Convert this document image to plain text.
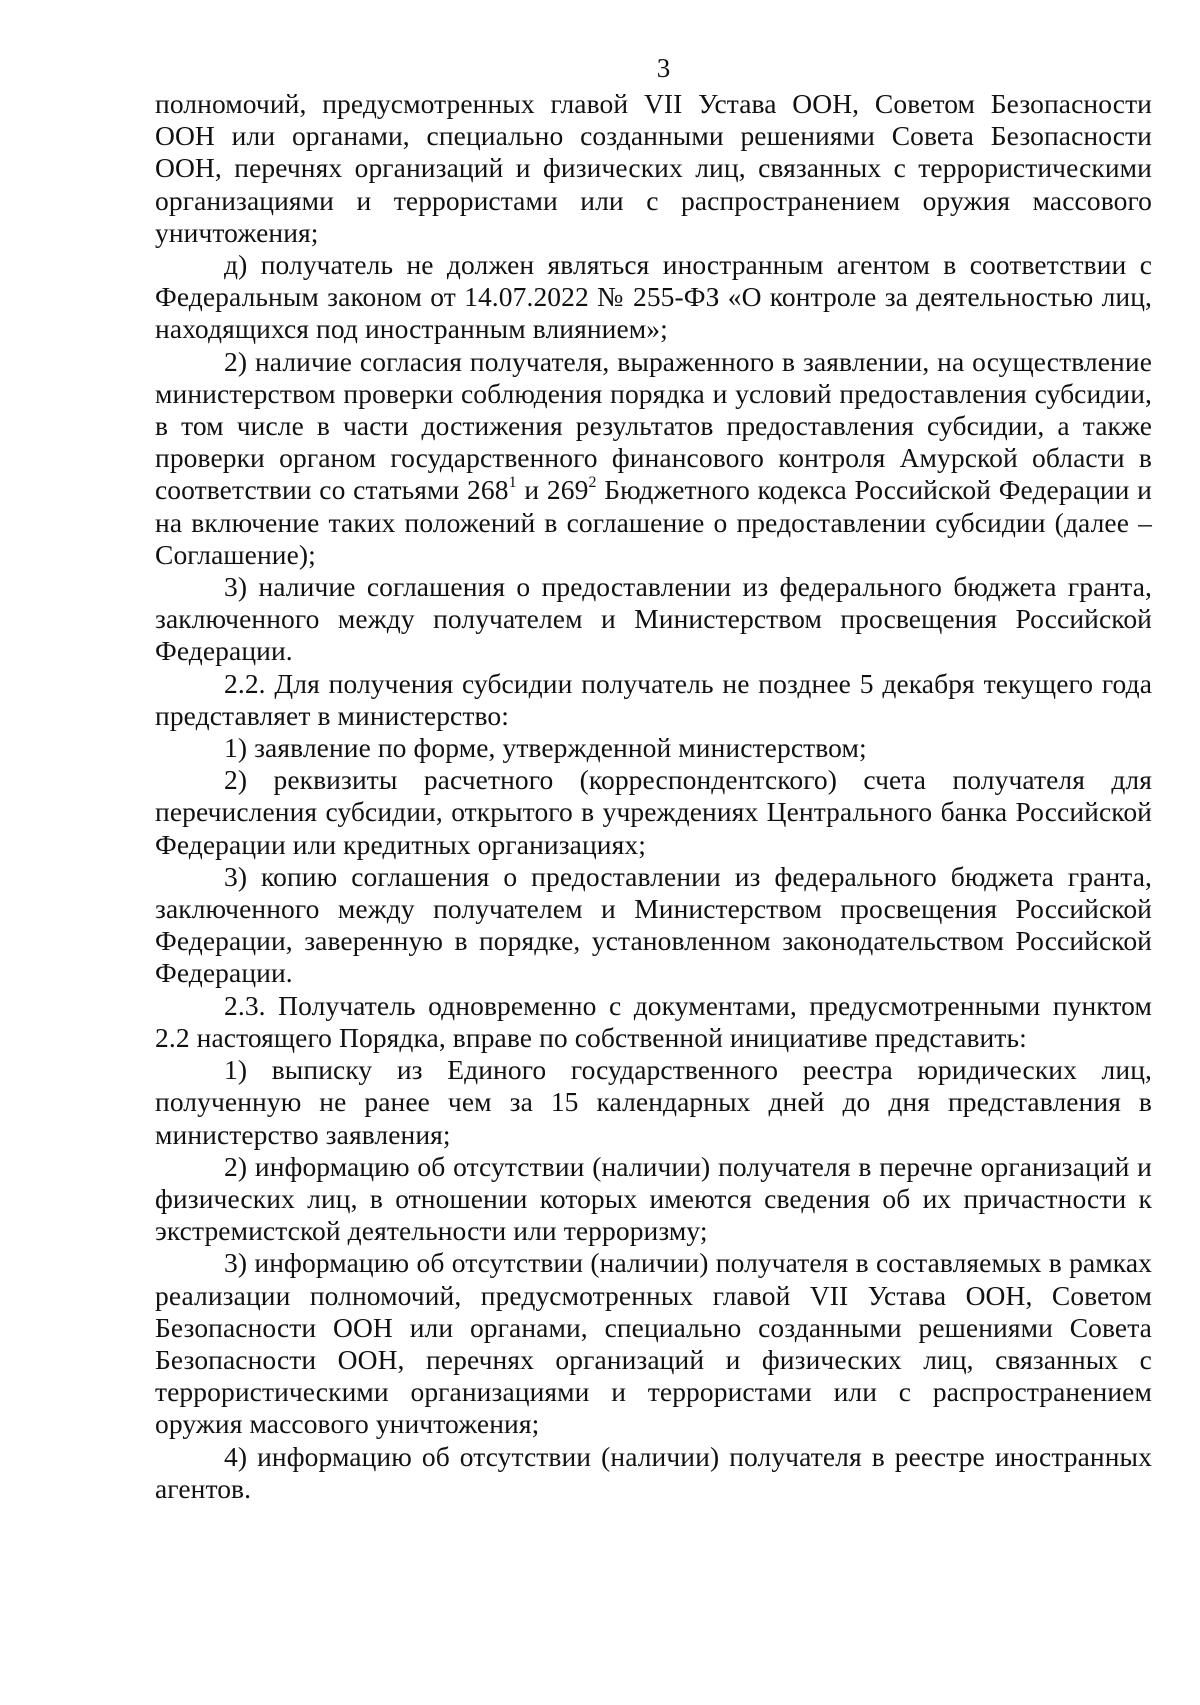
3

полномочий, предусмотренных главой VII Устава ООН, Советом Безопасности ООН или органами, специально созданными решениями Совета Безопасности ООН, перечнях организаций и физических лиц, связанных с террористическими организациями и террористами или с распространением оружия массового уничтожения;

д) получатель не должен являться иностранным агентом в соответствии с Федеральным законом от 14.07.2022 № 255-ФЗ «О контроле за деятельностью лиц, находящихся под иностранным влиянием»;

2) наличие согласия получателя, выраженного в заявлении, на осуществление министерством проверки соблюдения порядка и условий предоставления субсидии, в том числе в части достижения результатов предоставления субсидии, а также проверки органом государственного финансового контроля Амурской области в соответствии со статьями $268^1$ и $269^2$ Бюджетного кодекса Российской Федерации и на включение таких положений в соглашение о предоставлении субсидии (далее – Соглашение);

3) наличие соглашения о предоставлении из федерального бюджета гранта, заключенного между получателем и Министерством просвещения Российской Федерации.

2.2. Для получения субсидии получатель не позднее 5 декабря текущего года представляет в министерство:

1) заявление по форме, утвержденной министерством;

2) реквизиты расчетного (корреспондентского) счета получателя для перечисления субсидии, открытого в учреждениях Центрального банка Российской Федерации или кредитных организациях;

3) копию соглашения о предоставлении из федерального бюджета гранта, заключенного между получателем и Министерством просвещения Российской Федерации, заверенную в порядке, установленном законодательством Российской Федерации.

2.3. Получатель одновременно с документами, предусмотренными пунктом 2.2 настоящего Порядка, вправе по собственной инициативе представить:

1) выписку из Единого государственного реестра юридических лиц, полученную не ранее чем за 15 календарных дней до дня представления в министерство заявления;

2) информацию об отсутствии (наличии) получателя в перечне организаций и физических лиц, в отношении которых имеются сведения об их причастности к экстремистской деятельности или терроризму;

3) информацию об отсутствии (наличии) получателя в составляемых в рамках реализации полномочий, предусмотренных главой VII Устава ООН, Советом Безопасности ООН или органами, специально созданными решениями Совета Безопасности ООН, перечнях организаций и физических лиц, связанных с террористическими организациями и террористами или с распространением оружия массового уничтожения;

4) информацию об отсутствии (наличии) получателя в реестре иностранных агентов.
